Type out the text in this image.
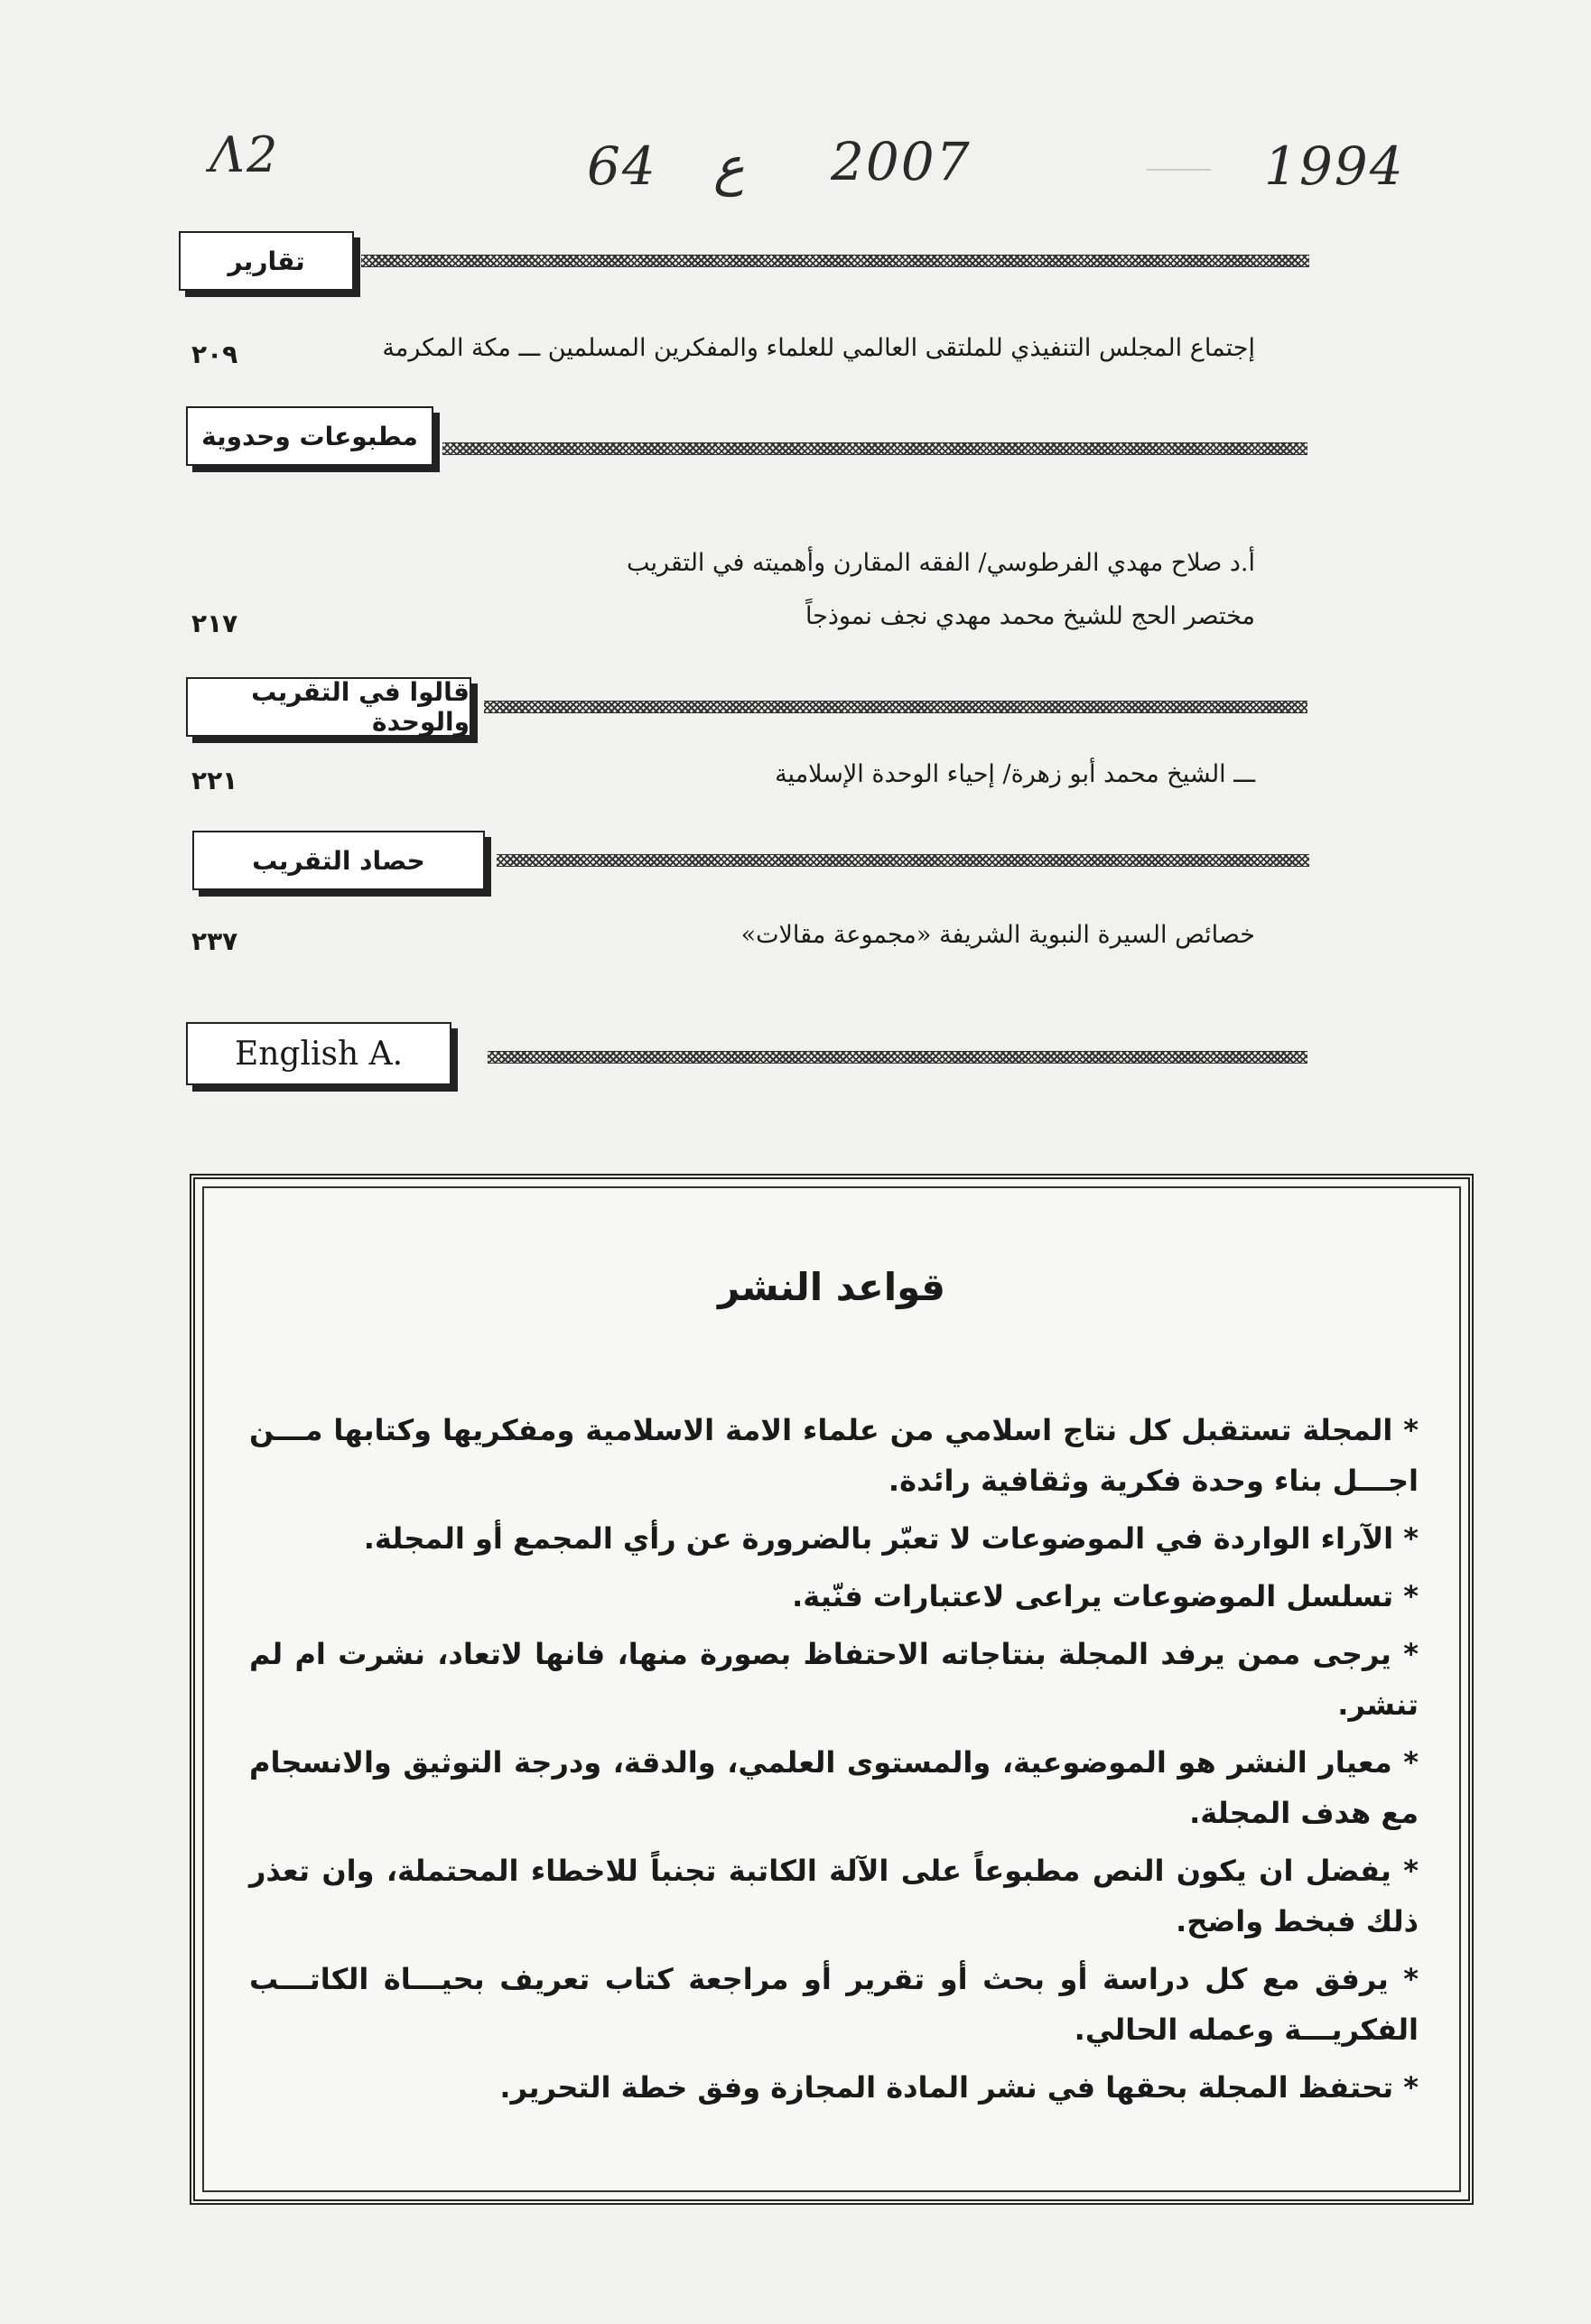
ـــــــــــ
Λ2	64 ع 2007	1994
تقارير
إجتماع المجلس التنفيذي للملتقى العالمي للعلماء والمفكرين المسلمين ـــ مكة المكرمة
٢٠٩
مطبوعات وحدوية
أ.د صلاح مهدي الفرطوسي/ الفقه المقارن وأهميته في التقريب
مختصر الحج للشيخ محمد مهدي نجف نموذجاً
٢١٧
قالوا في التقريب والوحدة
ـــ الشيخ محمد أبو زهرة/ إحياء الوحدة الإسلامية
٢٢١
حصاد التقريب
خصائص السيرة النبوية الشريفة «مجموعة مقالات»
٢٣٧
English A.
قواعد النشر
* المجلة تستقبل كل نتاج اسلامي من علماء الامة الاسلامية ومفكريها وكتابها مـــن اجـــل بناء وحدة فكرية وثقافية رائدة.
* الآراء الواردة في الموضوعات لا تعبّر بالضرورة عن رأي المجمع أو المجلة.
* تسلسل الموضوعات يراعى لاعتبارات فنّية.
* يرجى ممن يرفد المجلة بنتاجاته الاحتفاظ بصورة منها، فانها لاتعاد، نشرت ام لم تنشر.
* معيار النشر هو الموضوعية، والمستوى العلمي، والدقة، ودرجة التوثيق والانسجام مع هدف المجلة.
* يفضل ان يكون النص مطبوعاً على الآلة الكاتبة تجنباً للاخطاء المحتملة، وان تعذر ذلك فبخط واضح.
* يرفق مع كل دراسة أو بحث أو تقرير أو مراجعة كتاب تعريف بحيـــاة الكاتـــب الفكريـــة وعمله الحالي.
* تحتفظ المجلة بحقها في نشر المادة المجازة وفق خطة التحرير.
